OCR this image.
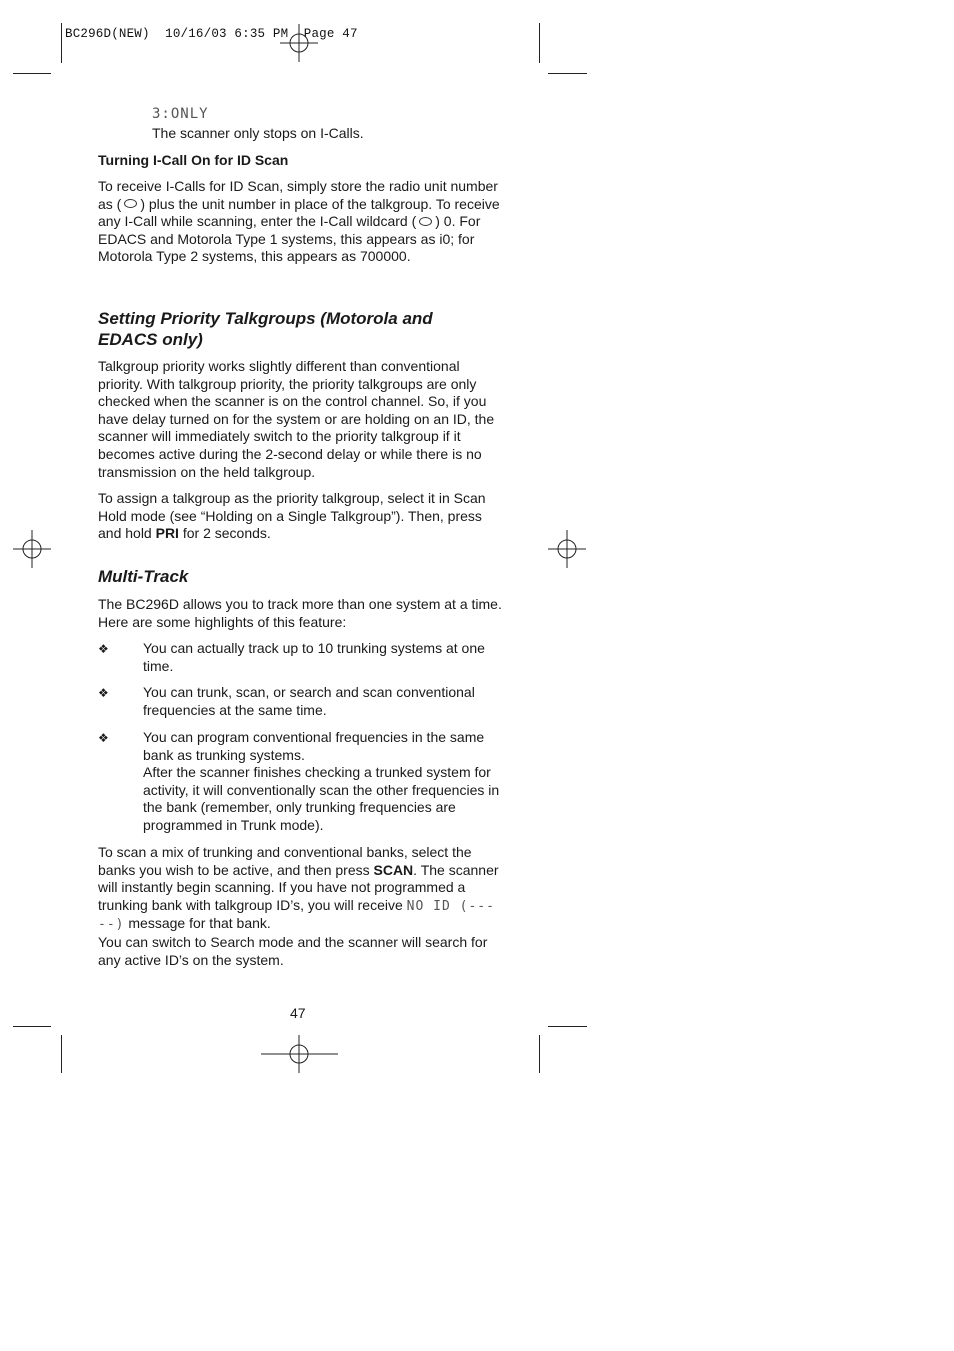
BC296D(NEW)  10/16/03 6:35 PM  Page 47
3:ONLY
The scanner only stops on I-Calls.
Turning I-Call On for ID Scan
To receive I-Calls for ID Scan, simply store the radio unit number as ( ) plus the unit number in place of the talkgroup. To receive any I-Call while scanning, enter the I-Call wildcard ( ) 0. For EDACS and Motorola Type 1 systems, this appears as i0; for Motorola Type 2 systems, this appears as 700000.
Setting Priority Talkgroups (Motorola and
EDACS only)
Talkgroup priority works slightly different than conventional priority. With talkgroup priority, the priority talkgroups are only checked when the scanner is on the control channel. So, if you have delay turned on for the system or are holding on an ID, the scanner will immediately switch to the priority talkgroup if it becomes active during the 2-second delay or while there is no transmission on the held talkgroup.
To assign a talkgroup as the priority talkgroup, select it in Scan Hold mode (see “Holding on a Single Talkgroup”). Then, press and hold PRI for 2 seconds.
Multi-Track
The BC296D allows you to track more than one system at a time. Here are some highlights of this feature:
❖ You can actually track up to 10 trunking systems at one time.
❖ You can trunk, scan, or search and scan conventional frequencies at the same time.
❖ You can program conventional frequencies in the same bank as trunking systems.
After the scanner finishes checking a trunked system for activity, it will conventionally scan the other frequencies in the bank (remember, only trunking frequencies are programmed in Trunk mode).
To scan a mix of trunking and conventional banks, select the banks you wish to be active, and then press SCAN. The scanner will instantly begin scanning. If you have not programmed a trunking bank with talkgroup ID’s, you will receive NO ID (-----) message for that bank.
You can switch to Search mode and the scanner will search for any active ID’s on the system.
47
